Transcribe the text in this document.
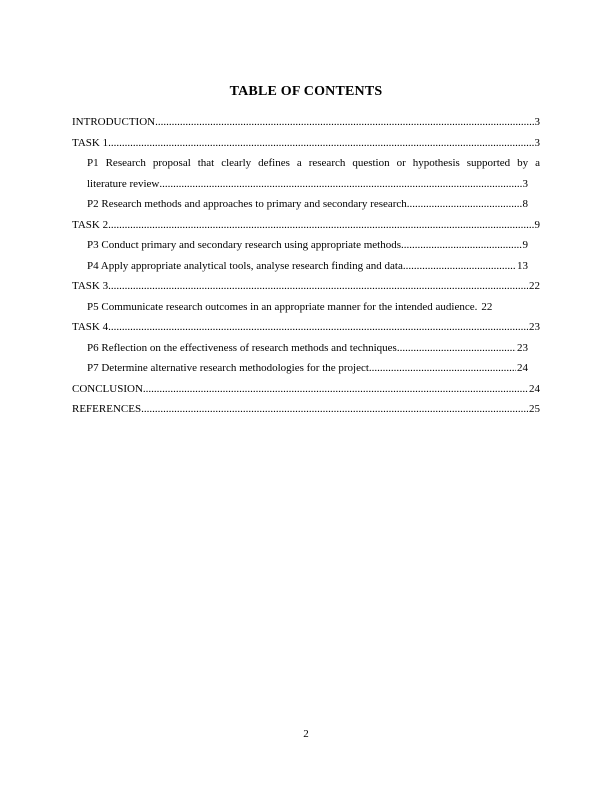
TABLE OF CONTENTS
INTRODUCTION .....	3
TASK 1 .....	3
P1 Research proposal that clearly defines a research question or hypothesis supported by a
literature review .....	3
P2 Research methods and approaches to primary and secondary research .....	8
TASK 2 .....	9
P3 Conduct primary and secondary research using appropriate methods .....	9
P4 Apply appropriate analytical tools, analyse research finding and data .....	13
TASK 3 .....	22
P5 Communicate research outcomes in an appropriate manner for the intended audience. 22
TASK 4 .....	23
P6 Reflection on the effectiveness of research methods and techniques .....	23
P7 Determine alternative research methodologies for the project .....	24
CONCLUSION .....	24
REFERENCES .....	25
2
